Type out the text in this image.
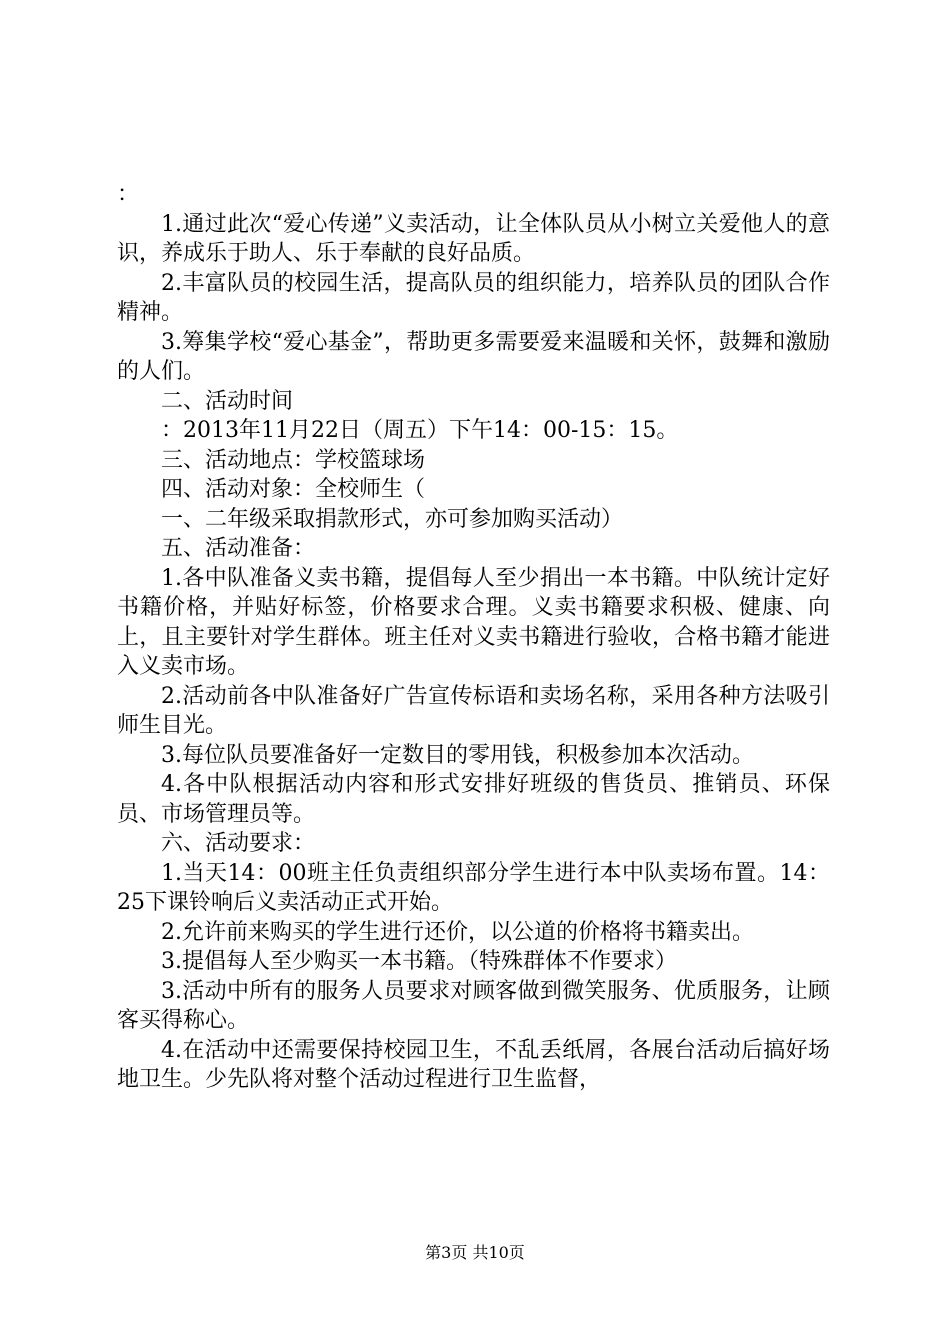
：

1.通过此次“爱心传递”义卖活动，让全体队员从小树立关爱他人的意识，养成乐于助人、乐于奉献的良好品质。

2.丰富队员的校园生活，提高队员的组织能力，培养队员的团队合作精神。

3.筹集学校“爱心基金”，帮助更多需要爱来温暖和关怀，鼓舞和激励的人们。

二、活动时间

：2013年11月22日（周五）下午14：00-15：15。

三、活动地点：学校篮球场

四、活动对象：全校师生（

一、二年级采取捐款形式，亦可参加购买活动）

五、活动准备：

1.各中队准备义卖书籍，提倡每人至少捐出一本书籍。中队统计定好书籍价格，并贴好标签，价格要求合理。义卖书籍要求积极、健康、向上，且主要针对学生群体。班主任对义卖书籍进行验收，合格书籍才能进入义卖市场。

2.活动前各中队准备好广告宣传标语和卖场名称，采用各种方法吸引师生目光。

3.每位队员要准备好一定数目的零用钱，积极参加本次活动。

4.各中队根据活动内容和形式安排好班级的售货员、推销员、环保员、市场管理员等。

六、活动要求：

1.当天14：00班主任负责组织部分学生进行本中队卖场布置。14：25下课铃响后义卖活动正式开始。

2.允许前来购买的学生进行还价，以公道的价格将书籍卖出。

3.提倡每人至少购买一本书籍。（特殊群体不作要求）

3.活动中所有的服务人员要求对顾客做到微笑服务、优质服务，让顾客买得称心。

4.在活动中还需要保持校园卫生，不乱丢纸屑，各展台活动后搞好场地卫生。少先队将对整个活动过程进行卫生监督，

第3页 共10页
